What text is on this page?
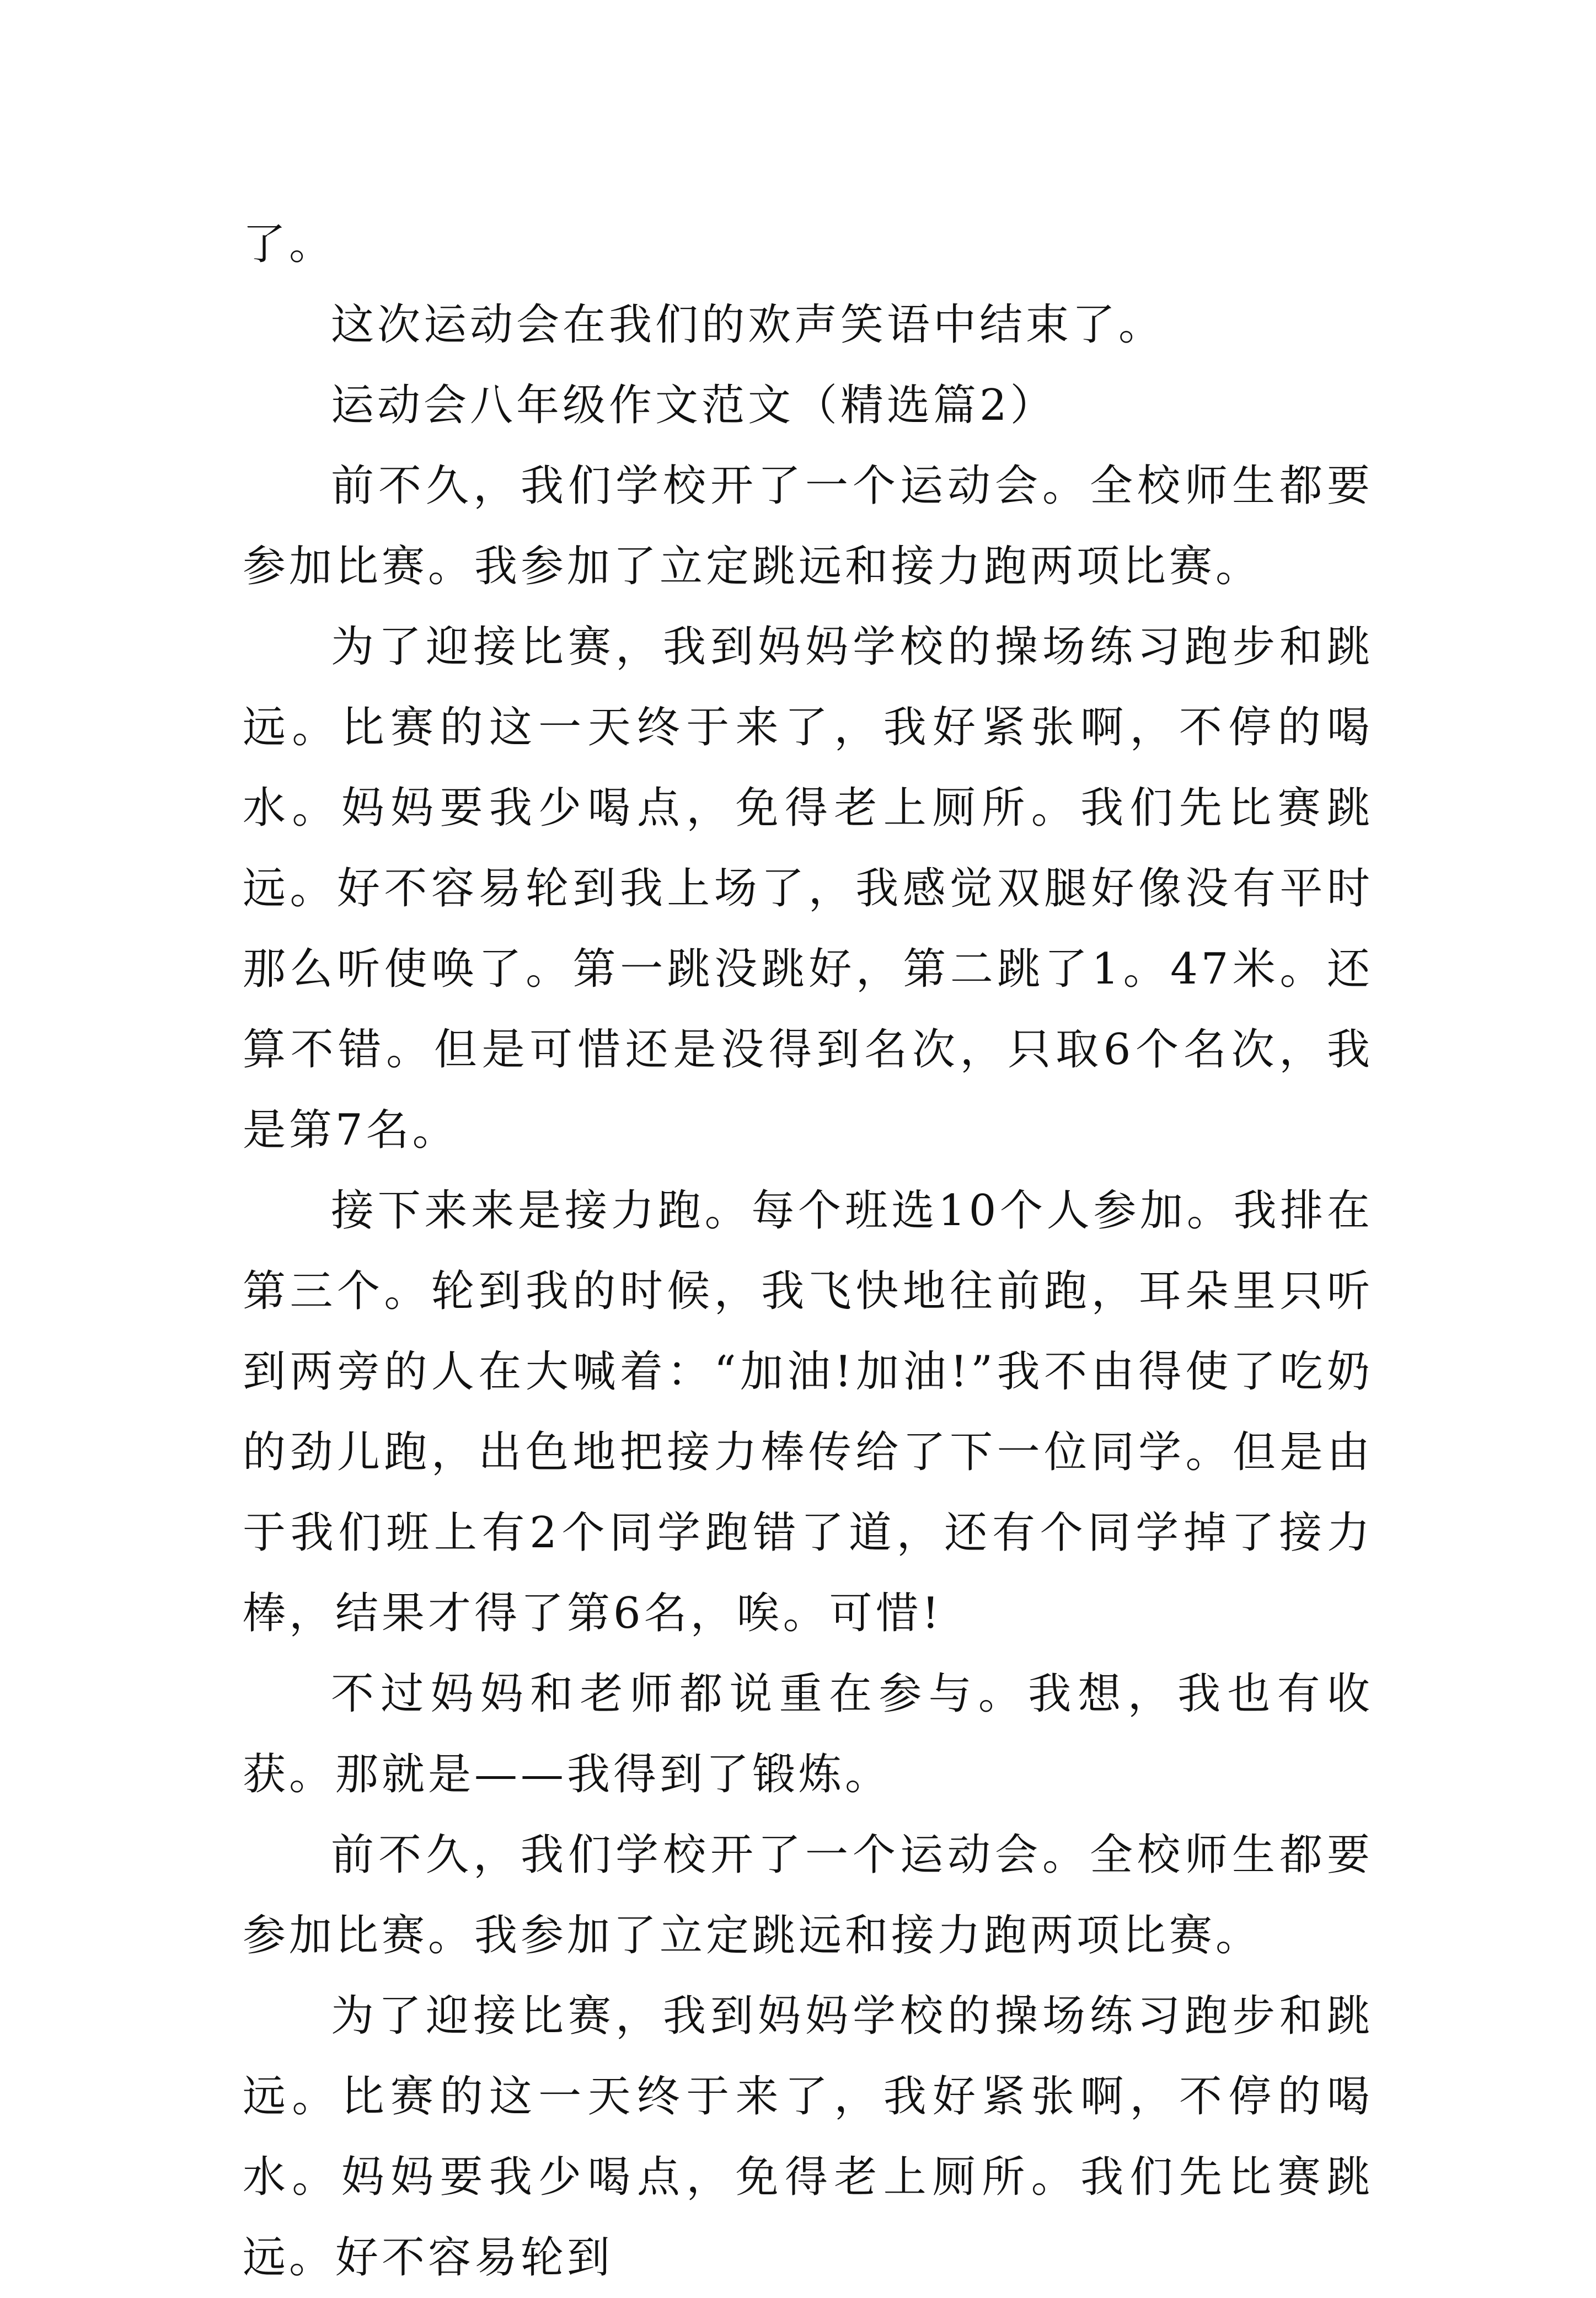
了。

这次运动会在我们的欢声笑语中结束了。

运动会八年级作文范文（精选篇2）

前不久，我们学校开了一个运动会。全校师生都要参加比赛。我参加了立定跳远和接力跑两项比赛。

为了迎接比赛，我到妈妈学校的操场练习跑步和跳远。比赛的这一天终于来了，我好紧张啊，不停的喝水。妈妈要我少喝点，免得老上厕所。我们先比赛跳远。好不容易轮到我上场了，我感觉双腿好像没有平时那么听使唤了。第一跳没跳好，第二跳了1。47米。还算不错。但是可惜还是没得到名次，只取6个名次，我是第7名。

接下来来是接力跑。每个班选10个人参加。我排在第三个。轮到我的时候，我飞快地往前跑，耳朵里只听到两旁的人在大喊着：“加油!加油!”我不由得使了吃奶的劲儿跑，出色地把接力棒传给了下一位同学。但是由于我们班上有2个同学跑错了道，还有个同学掉了接力棒，结果才得了第6名，唉。可惜!

不过妈妈和老师都说重在参与。我想，我也有收获。那就是——我得到了锻炼。

前不久，我们学校开了一个运动会。全校师生都要参加比赛。我参加了立定跳远和接力跑两项比赛。

为了迎接比赛，我到妈妈学校的操场练习跑步和跳远。比赛的这一天终于来了，我好紧张啊，不停的喝水。妈妈要我少喝点，免得老上厕所。我们先比赛跳远。好不容易轮到
